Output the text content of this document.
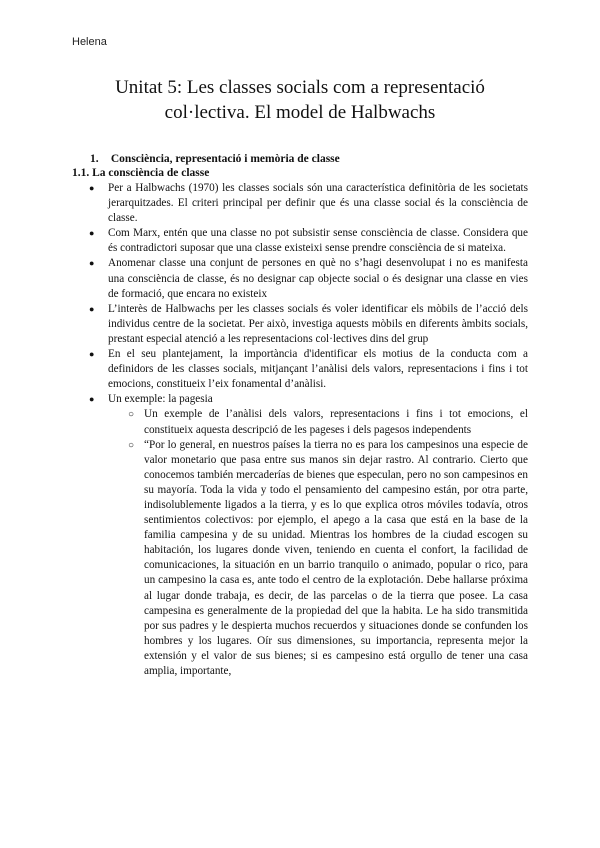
Helena
Unitat 5: Les classes socials com a representació
col·lectiva. El model de Halbwachs

1. Consciència, representació i memòria de classe

1.1. La consciència de classe

● Per a Halbwachs (1970) les classes socials són una característica definitòria de les societats jerarquitzades. El criteri principal per definir que és una classe social és la consciència de classe.
● Com Marx, entén que una classe no pot subsistir sense consciència de classe. Considera que és contradictori suposar que una classe existeixi sense prendre consciència de si mateixa.
● Anomenar classe una conjunt de persones en què no s’hagi desenvolupat i no es manifesta una consciència de classe, és no designar cap objecte social o és designar una classe en vies de formació, que encara no existeix
● L’interès de Halbwachs per les classes socials és voler identificar els mòbils de l’acció dels individus centre de la societat. Per això, investiga aquests mòbils en diferents àmbits socials, prestant especial atenció a les representacions col·lectives dins del grup
● En el seu plantejament, la importància d'identificar els motius de la conducta com a definidors de les classes socials, mitjançant l’anàlisi dels valors, representacions i fins i tot emocions, constitueix l’eix fonamental d’anàlisi.
● Un exemple: la pagesia
○ Un exemple de l’anàlisi dels valors, representacions i fins i tot emocions, el constitueix aquesta descripció de les pageses i dels pagesos independents
○ “Por lo general, en nuestros países la tierra no es para los campesinos una especie de valor monetario que pasa entre sus manos sin dejar rastro. Al contrario. Cierto que conocemos también mercaderías de bienes que especulan, pero no son campesinos en su mayoría. Toda la vida y todo el pensamiento del campesino están, por otra parte, indisolublemente ligados a la tierra, y es lo que explica otros móviles todavía, otros sentimientos colectivos: por ejemplo, el apego a la casa que está en la base de la familia campesina y de su unidad. Mientras los hombres de la ciudad escogen su habitación, los lugares donde viven, teniendo en cuenta el confort, la facilidad de comunicaciones, la situación en un barrio tranquilo o animado, popular o rico, para un campesino la casa es, ante todo el centro de la explotación. Debe hallarse próxima al lugar donde trabaja, es decir, de las parcelas o de la tierra que posee. La casa campesina es generalmente de la propiedad del que la habita. Le ha sido transmitida por sus padres y le despierta muchos recuerdos y situaciones donde se confunden los hombres y los lugares. Oír sus dimensiones, su importancia, representa mejor la extensión y el valor de sus bienes; si es campesino está orgullo de tener una casa amplia, importante,
